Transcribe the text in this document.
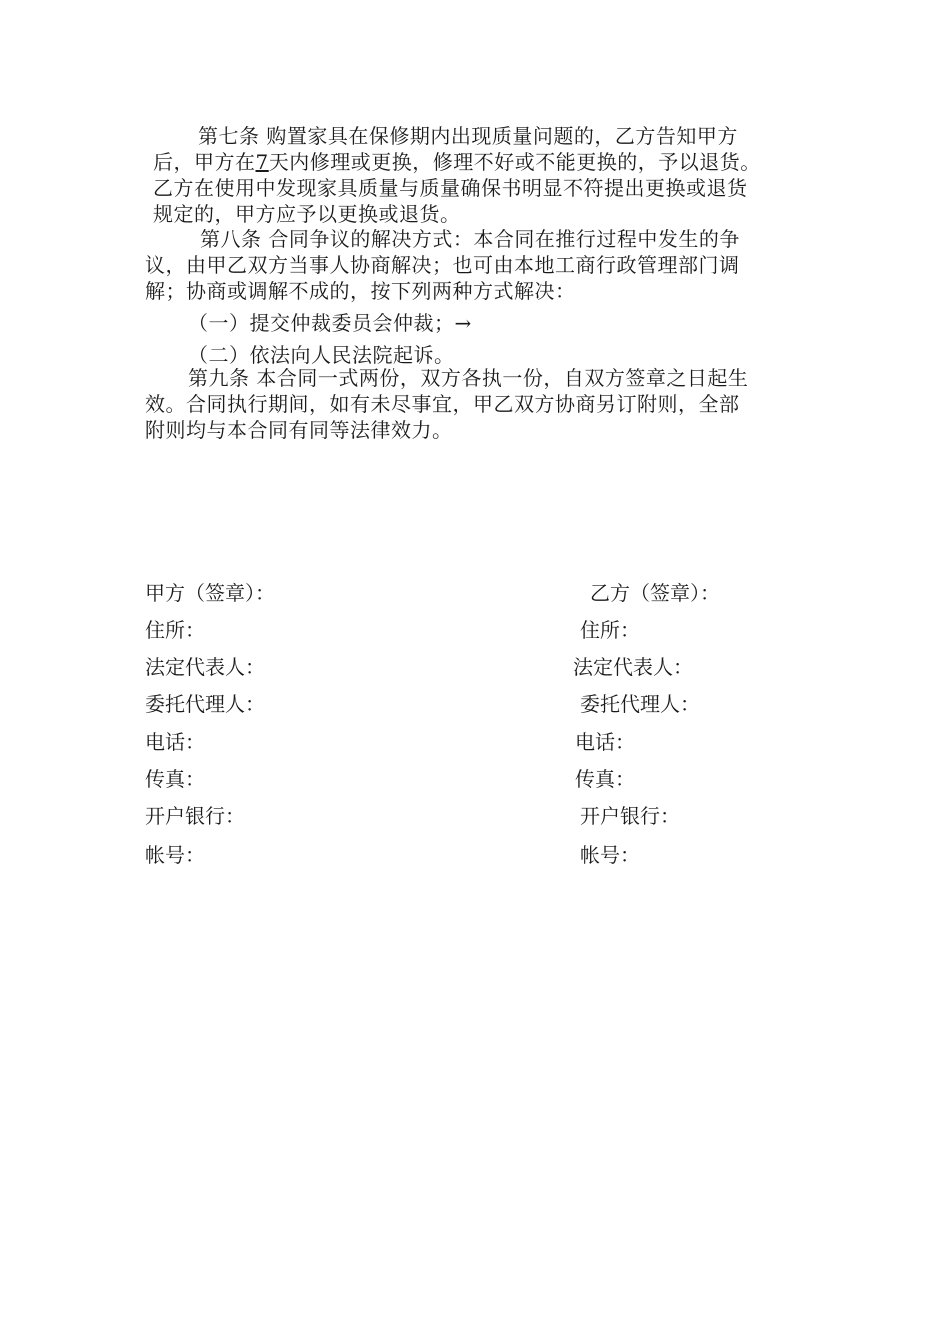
第七条 购置家具在保修期内出现质量问题的，乙方告知甲方
后，甲方在7天内修理或更换，修理不好或不能更换的，予以退货。
乙方在使用中发现家具质量与质量确保书明显不符提出更换或退货
规定的，甲方应予以更换或退货。
第八条 合同争议的解决方式：本合同在推行过程中发生的争
议，由甲乙双方当事人协商解决；也可由本地工商行政管理部门调
解；协商或调解不成的，按下列两种方式解决：
（一）提交仲裁委员会仲裁；→
（二）依法向人民法院起诉。
第九条 本合同一式两份，双方各执一份，自双方签章之日起生
效。合同执行期间，如有未尽事宜，甲乙双方协商另订附则，全部
附则均与本合同有同等法律效力。
甲方（签章）：
住所：
法定代表人：
委托代理人：
电话：
传真：
开户银行：
帐号：
乙方（签章）：
住所：
法定代表人：
委托代理人：
电话：
传真：
开户银行：
帐号：
